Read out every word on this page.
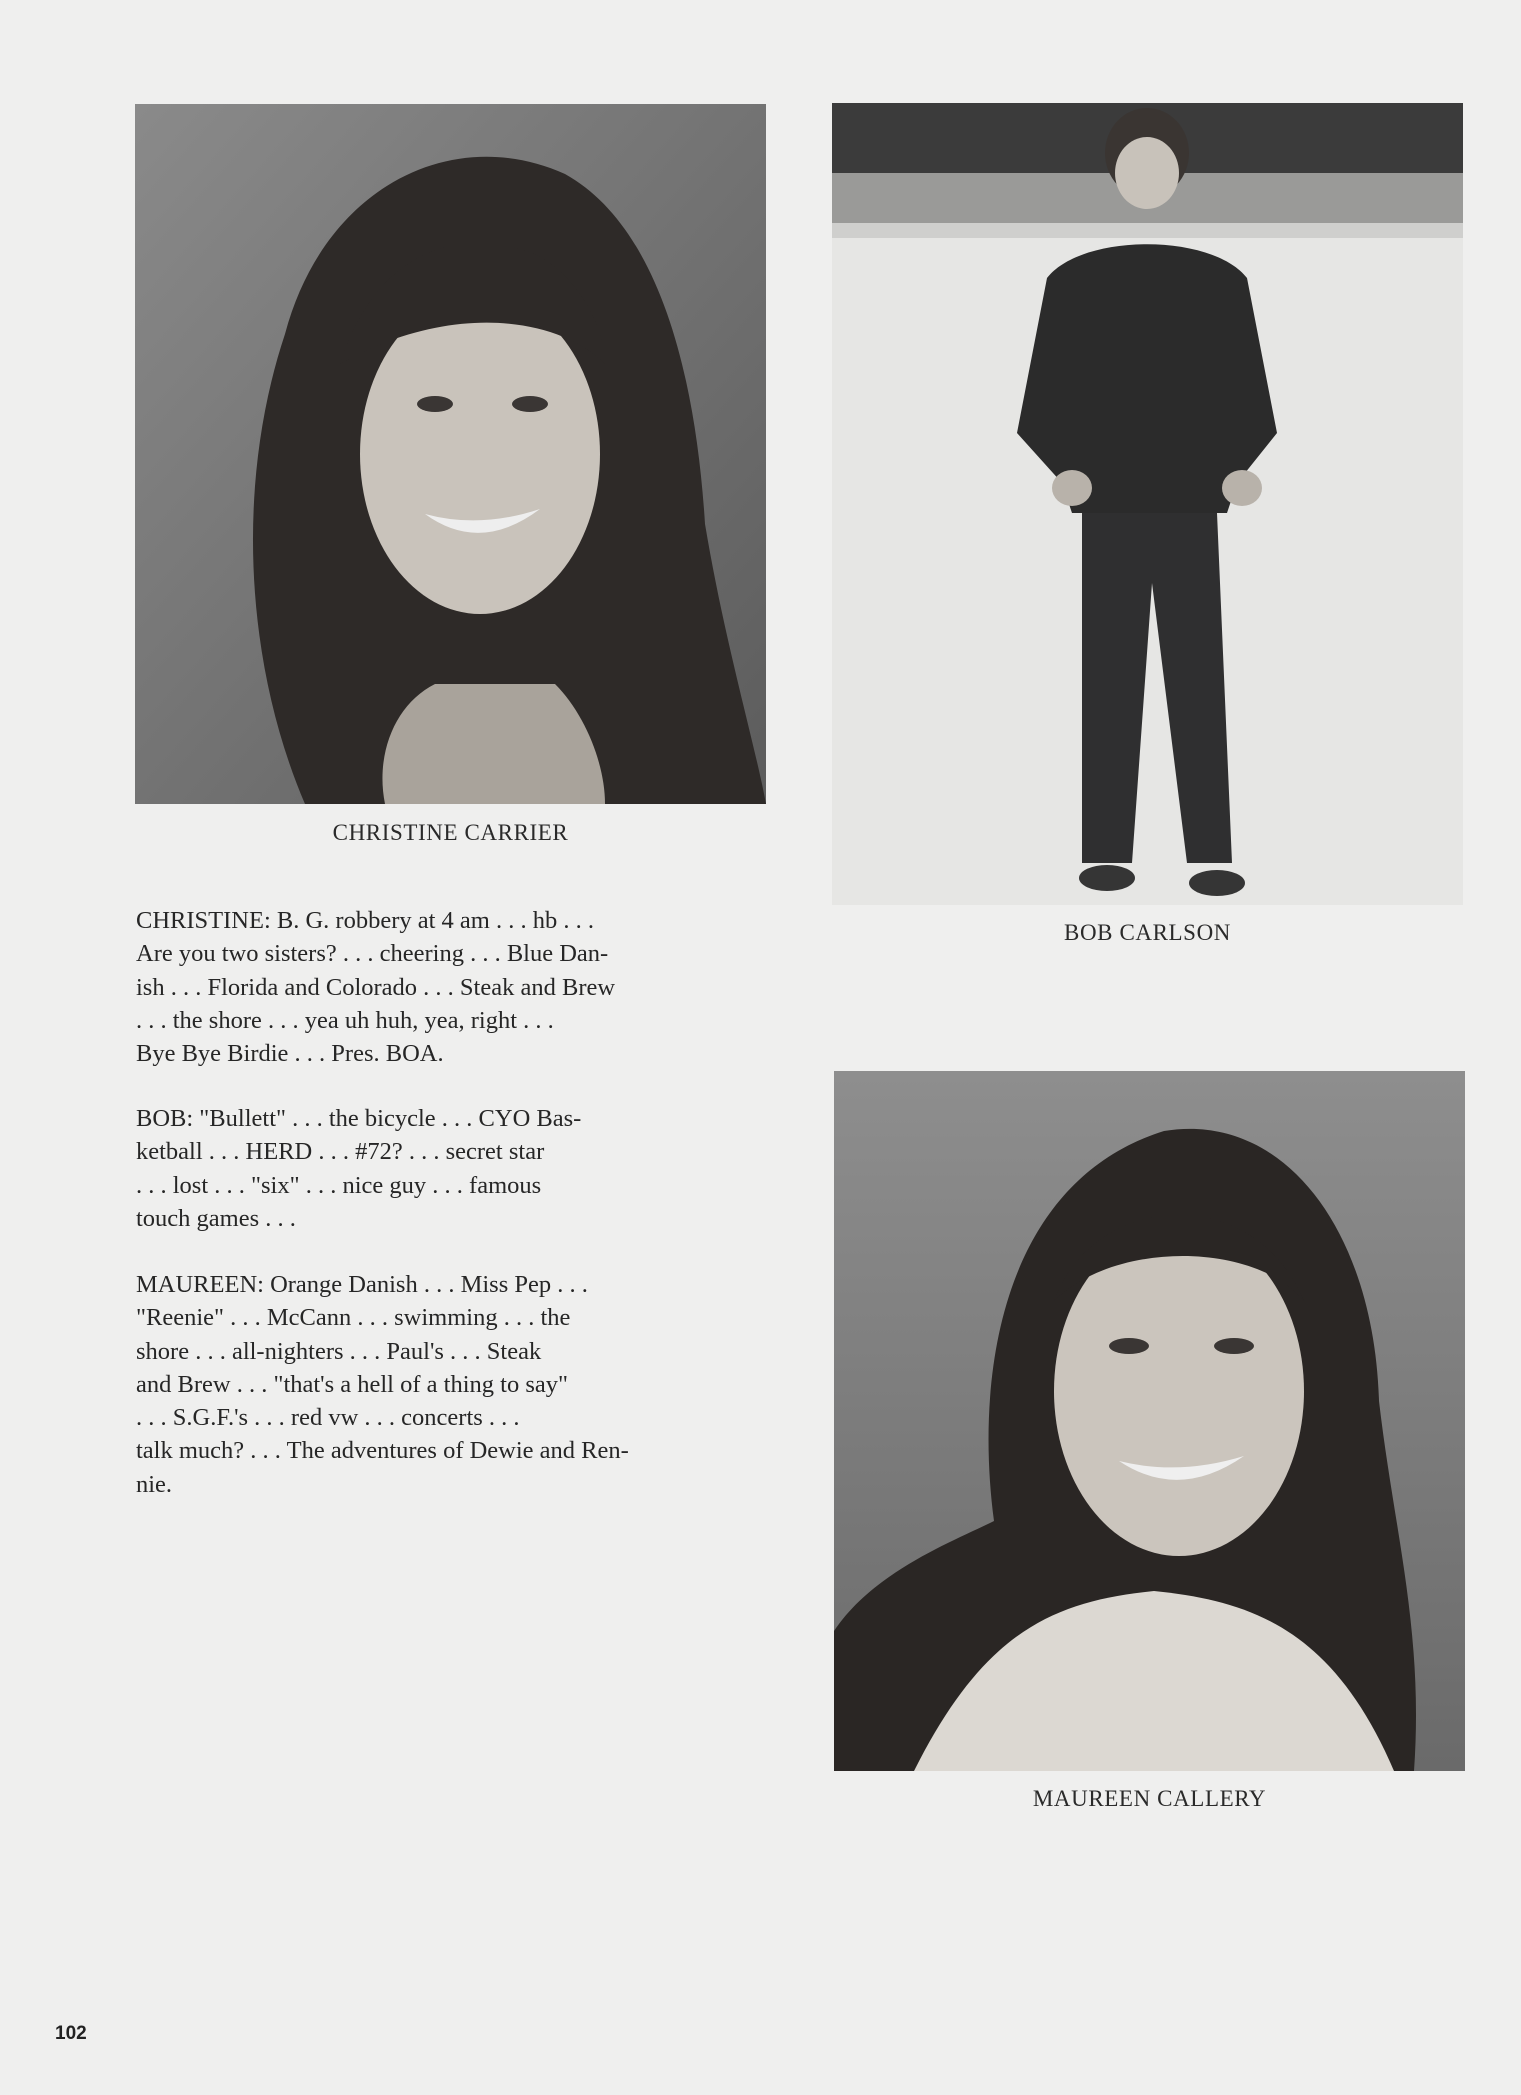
CHRISTINE CARRIER
BOB CARLSON
MAUREEN CALLERY

CHRISTINE: B. G. robbery at 4 am . . . hb . . .
Are you two sisters? . . . cheering . . . Blue Dan-
ish . . . Florida and Colorado . . . Steak and Brew
. . . the shore . . . yea uh huh, yea, right . . .
Bye Bye Birdie . . . Pres. BOA.

BOB: "Bullett" . . . the bicycle . . . CYO Bas-
ketball . . . HERD . . . #72? . . . secret star
. . . lost . . . "six" . . . nice guy . . . famous
touch games . . .

MAUREEN: Orange Danish . . . Miss Pep . . .
"Reenie" . . . McCann . . . swimming . . . the
shore . . . all-nighters . . . Paul's . . . Steak
and Brew . . . "that's a hell of a thing to say"
. . . S.G.F.'s . . . red vw . . . concerts . . .
talk much? . . . The adventures of Dewie and Ren-
nie.

102
